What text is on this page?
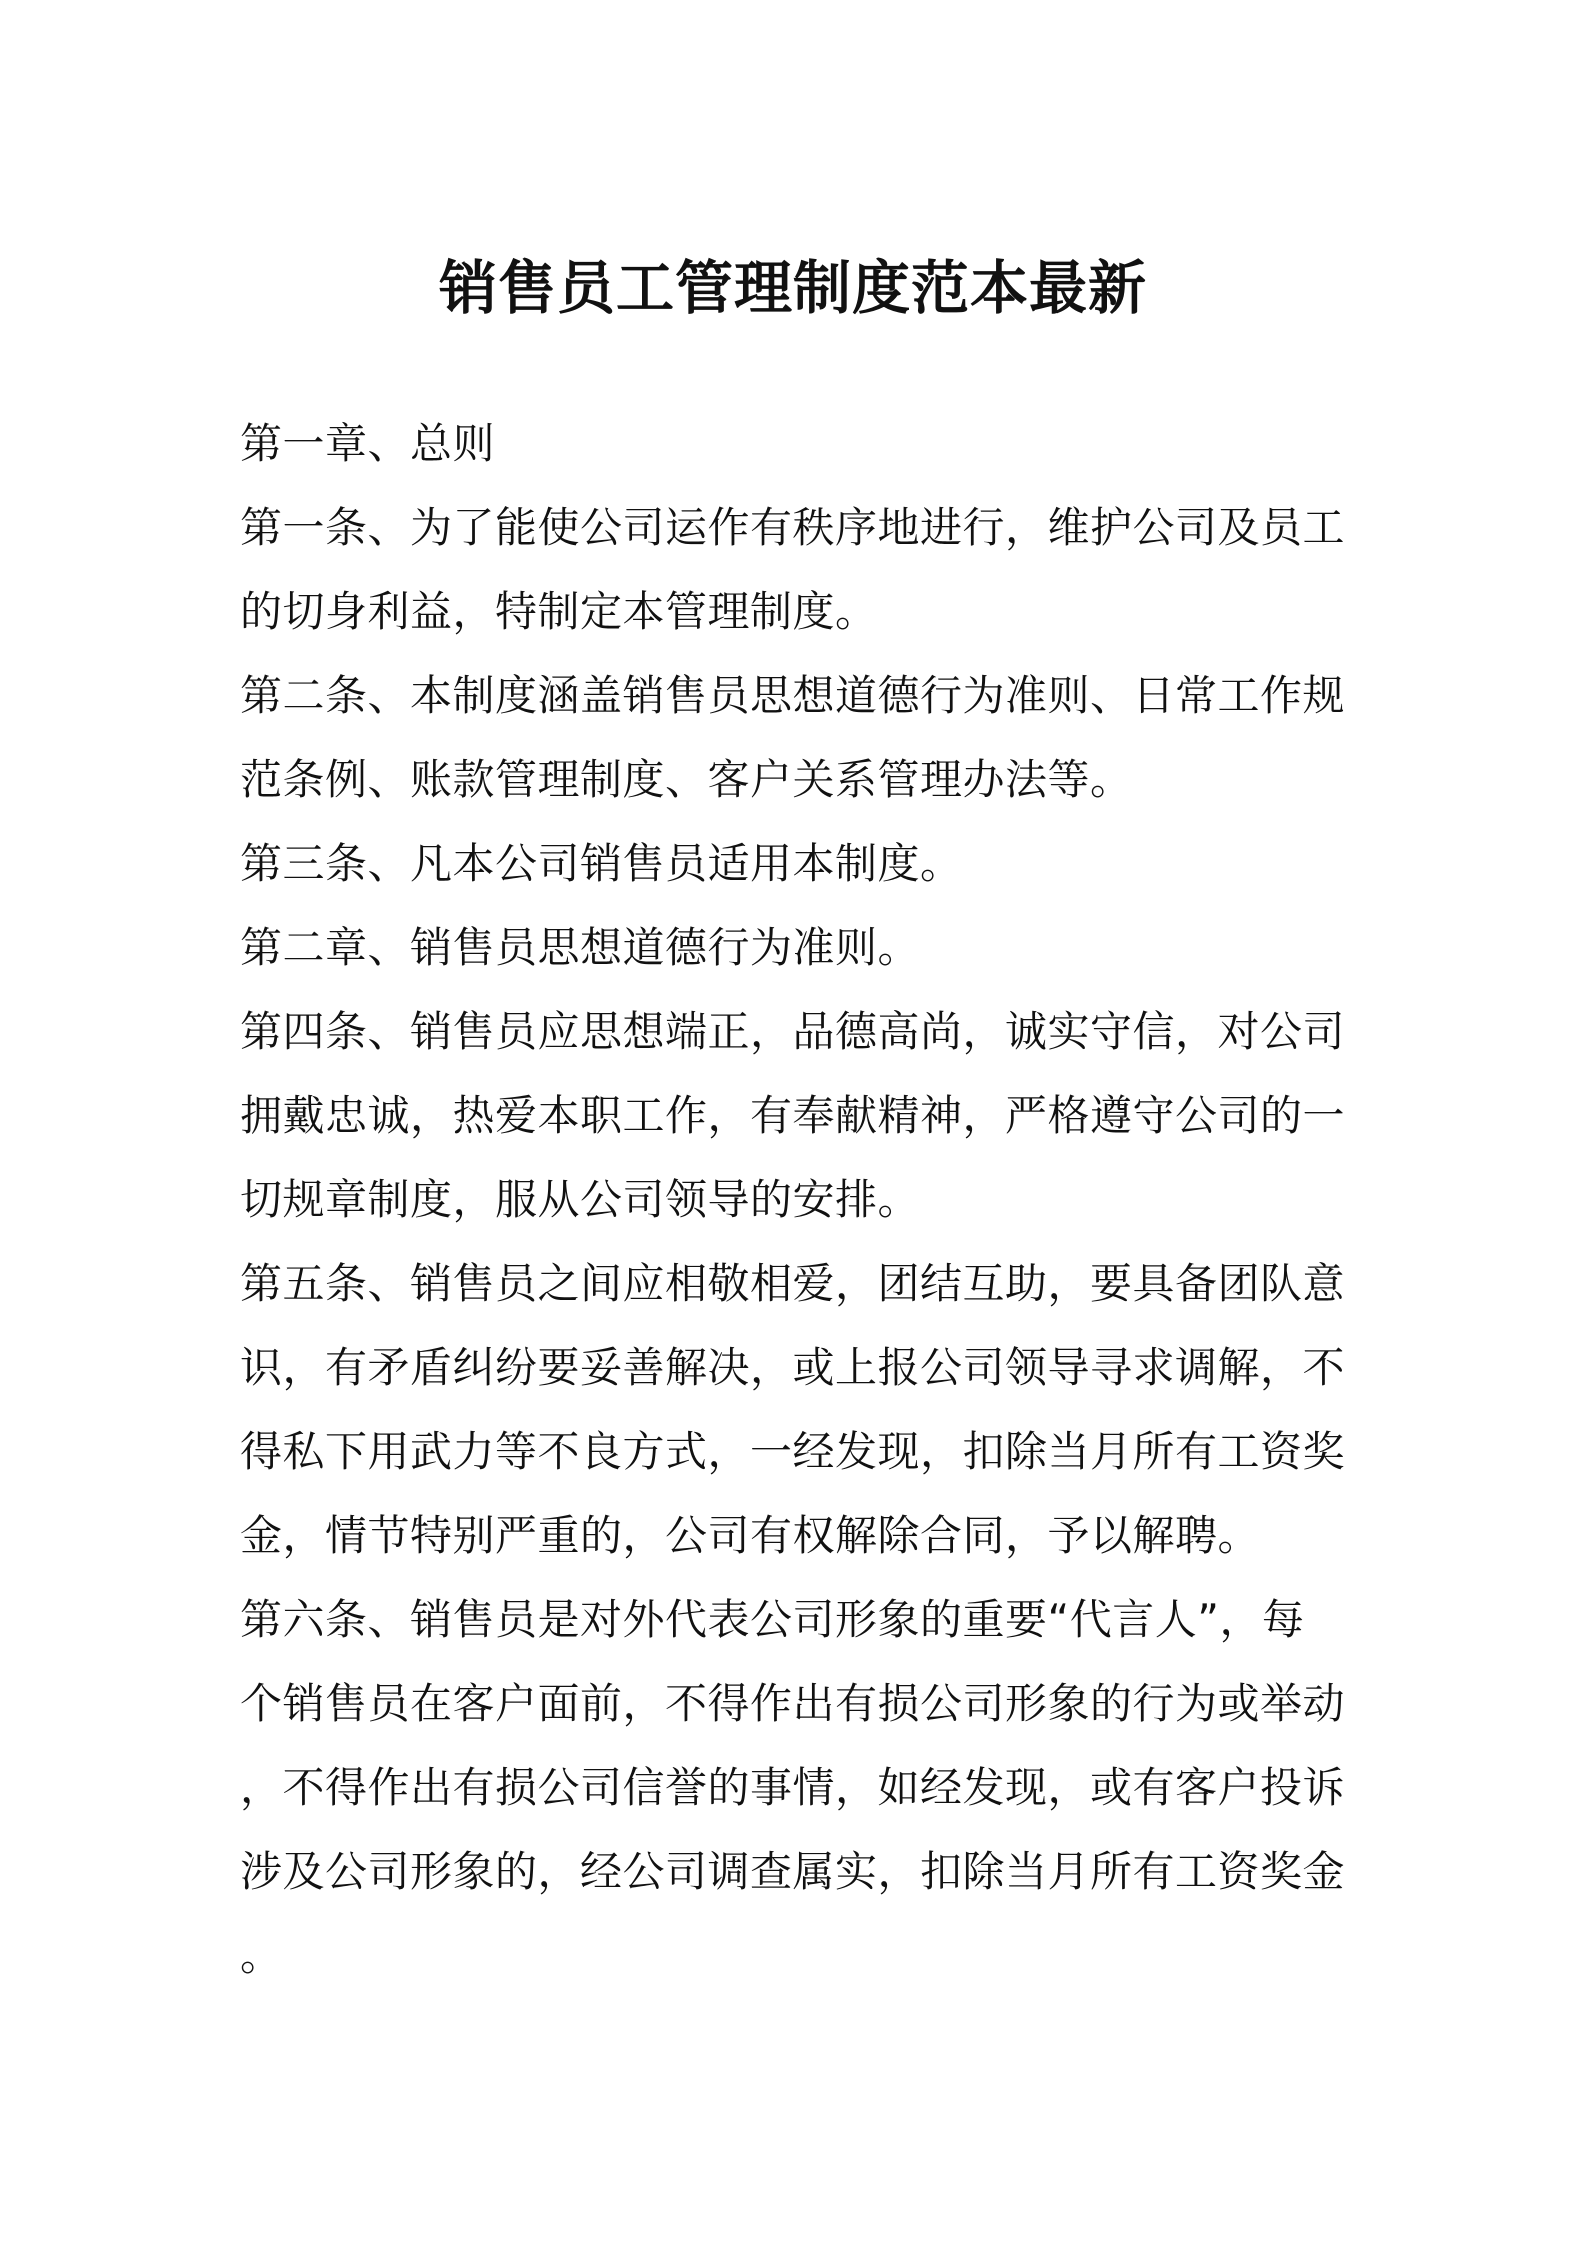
销售员工管理制度范本最新
第一章、总则
第一条、为了能使公司运作有秩序地进行，维护公司及员工
的切身利益，特制定本管理制度。
第二条、本制度涵盖销售员思想道德行为准则、日常工作规
范条例、账款管理制度、客户关系管理办法等。
第三条、凡本公司销售员适用本制度。
第二章、销售员思想道德行为准则。
第四条、销售员应思想端正，品德高尚，诚实守信，对公司
拥戴忠诚，热爱本职工作，有奉献精神，严格遵守公司的一
切规章制度，服从公司领导的安排。
第五条、销售员之间应相敬相爱，团结互助，要具备团队意
识，有矛盾纠纷要妥善解决，或上报公司领导寻求调解，不
得私下用武力等不良方式，一经发现，扣除当月所有工资奖
金，情节特别严重的，公司有权解除合同，予以解聘。
第六条、销售员是对外代表公司形象的重要“代言人”，每
个销售员在客户面前，不得作出有损公司形象的行为或举动
，不得作出有损公司信誉的事情，如经发现，或有客户投诉
涉及公司形象的，经公司调查属实，扣除当月所有工资奖金
。
